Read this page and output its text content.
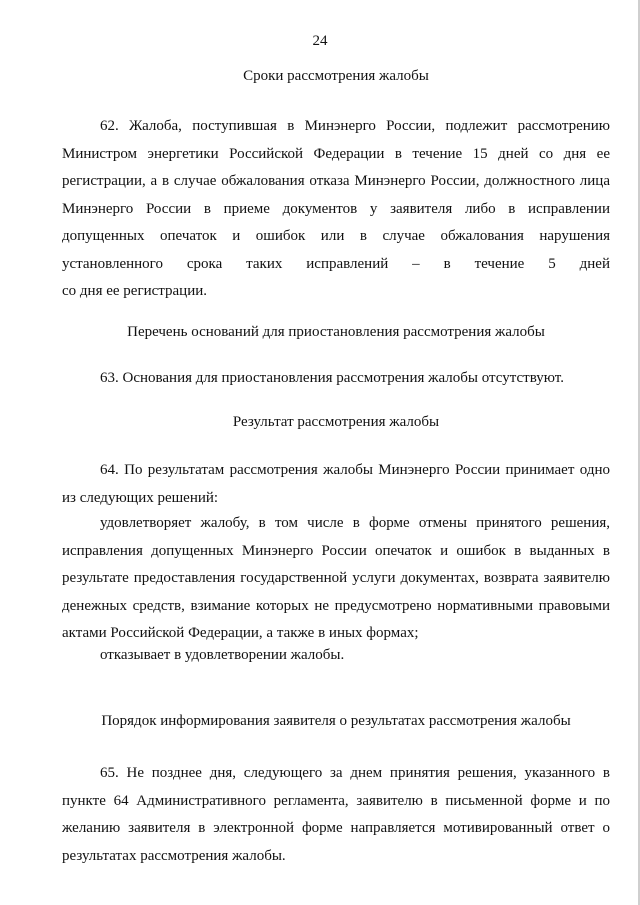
24
Сроки рассмотрения жалобы
62. Жалоба, поступившая в Минэнерго России, подлежит рассмотрению
Министром энергетики Российской Федерации в течение 15 дней со дня ее
регистрации, а в случае обжалования отказа Минэнерго России, должностного лица
Минэнерго России в приеме документов у заявителя либо в исправлении
допущенных опечаток и ошибок или в случае обжалования нарушения
установленного срока таких исправлений – в течение 5 дней
со дня ее регистрации.
Перечень оснований для приостановления рассмотрения жалобы
63. Основания для приостановления рассмотрения жалобы отсутствуют.
Результат рассмотрения жалобы
64. По результатам рассмотрения жалобы Минэнерго России принимает одно
из следующих решений:
удовлетворяет жалобу, в том числе в форме отмены принятого решения,
исправления допущенных Минэнерго России опечаток и ошибок в выданных в
результате предоставления государственной услуги документах, возврата заявителю
денежных средств, взимание которых не предусмотрено нормативными правовыми
актами Российской Федерации, а также в иных формах;
отказывает в удовлетворении жалобы.
Порядок информирования заявителя о результатах рассмотрения жалобы
65. Не позднее дня, следующего за днем принятия решения, указанного в
пункте 64 Административного регламента, заявителю в письменной форме и по
желанию заявителя в электронной форме направляется мотивированный ответ о
результатах рассмотрения жалобы.
